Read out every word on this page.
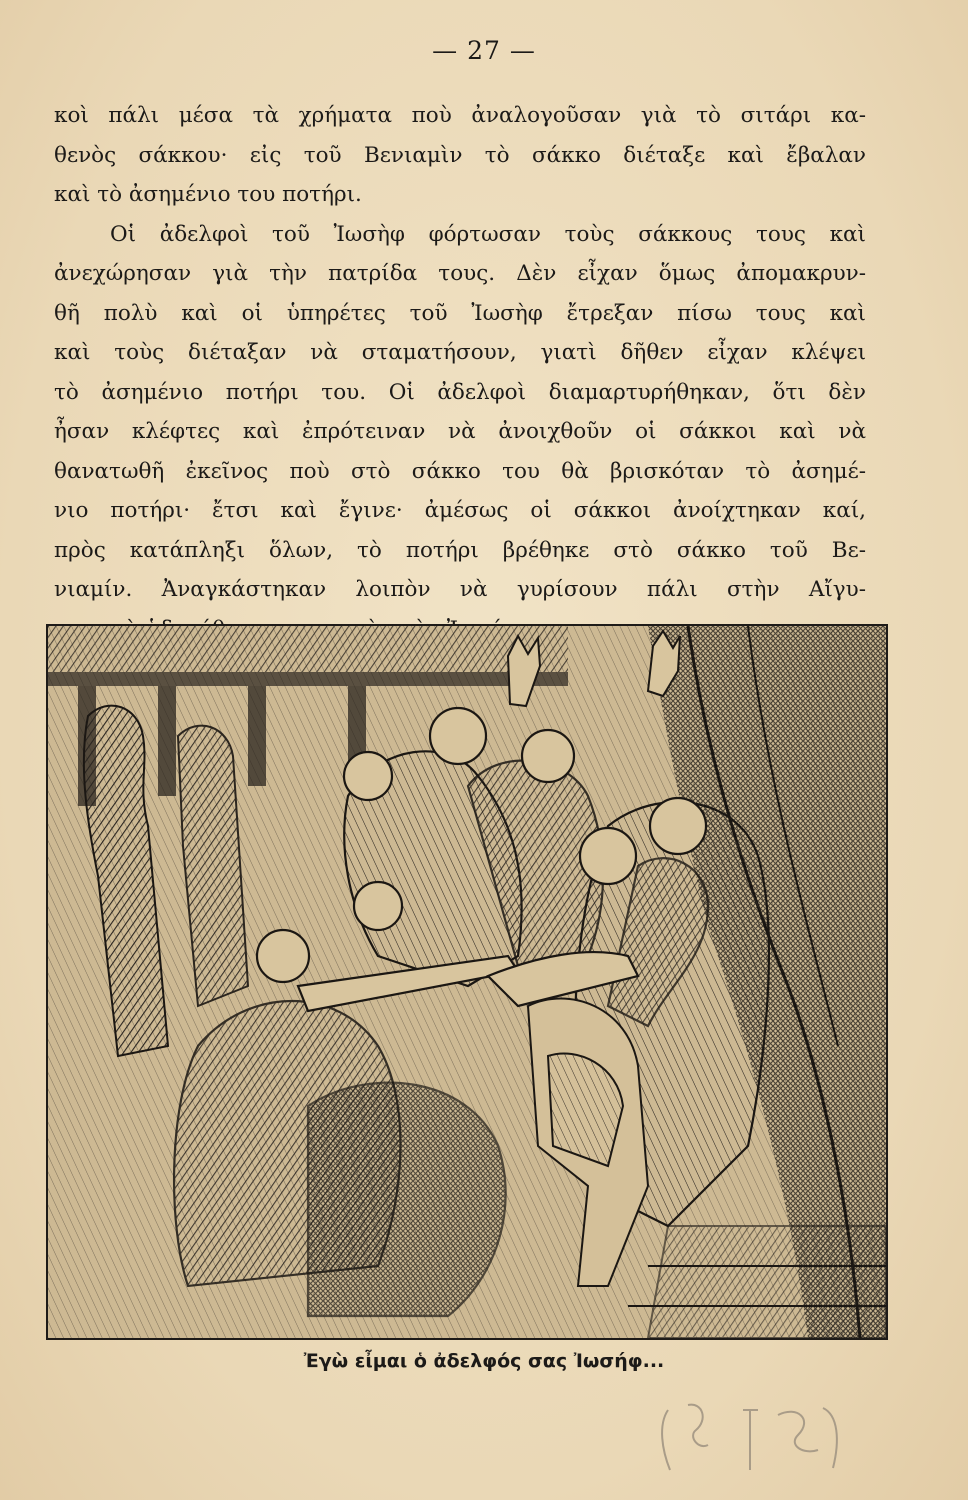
— 27 —
κοὶ πάλι μέσα τὰ χρήματα ποὺ ἀναλογοῦσαν γιὰ τὸ σιτάρι κα-
θενὸς σάκκου· εἰς τοῦ Βενιαμὶν τὸ σάκκο διέταξε καὶ ἔβαλαν
καὶ τὸ ἀσημένιο του ποτήρι.
Οἱ ἀδελφοὶ τοῦ Ἰωσὴφ φόρτωσαν τοὺς σάκκους τους καὶ
ἀνεχώρησαν γιὰ τὴν πατρίδα τους. Δὲν εἶχαν ὅμως ἀπομακρυν-
θῆ πολὺ καὶ οἱ ὑπηρέτες τοῦ Ἰωσὴφ ἔτρεξαν πίσω τους καὶ
καὶ τοὺς διέταξαν νὰ σταματήσουν, γιατὶ δῆθεν εἶχαν κλέψει
τὸ ἀσημένιο ποτήρι του. Οἱ ἀδελφοὶ διαμαρτυρήθηκαν, ὅτι δὲν
ἦσαν κλέφτες καὶ ἐπρότειναν νὰ ἀνοιχθοῦν οἱ σάκκοι καὶ νὰ
θανατωθῆ ἐκεῖνος ποὺ στὸ σάκκο του θὰ βρισκόταν τὸ ἀσημέ-
νιο ποτήρι· ἔτσι καὶ ἔγινε· ἀμέσως οἱ σάκκοι ἀνοίχτηκαν καί,
πρὸς κατάπληξι ὅλων, τὸ ποτήρι βρέθηκε στὸ σάκκο τοῦ Βε-
νιαμίν. Ἀναγκάστηκαν λοιπὸν νὰ γυρίσουν πάλι στὴν Αἴγυ-
Ἐγὼ εἶμαι ὁ ἀδελφός σας Ἰωσήφ...
